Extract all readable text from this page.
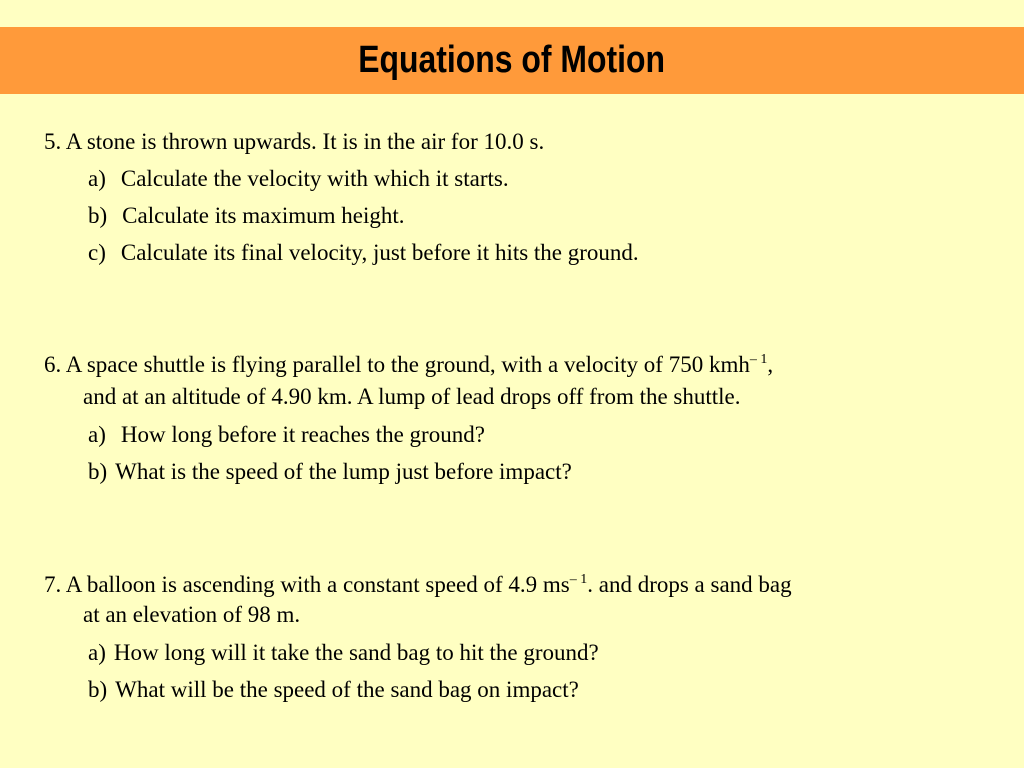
Equations of Motion
5. A stone is thrown upwards. It is in the air for 10.0 s.
a) Calculate the velocity with which it starts.
b) Calculate its maximum height.
c) Calculate its final velocity, just before it hits the ground.
6. A space shuttle is flying parallel to the ground, with a velocity of 750 kmh$^{- 1}$,
and at an altitude of 4.90 km. A lump of lead drops off from the shuttle.
a) How long before it reaches the ground?
b) What is the speed of the lump just before impact?
7. A balloon is ascending with a constant speed of 4.9 $ms^{- 1}$. and drops a sand bag
at an elevation of 98 m.
a) How long will it take the sand bag to hit the ground?
b) What will be the speed of the sand bag on impact?
